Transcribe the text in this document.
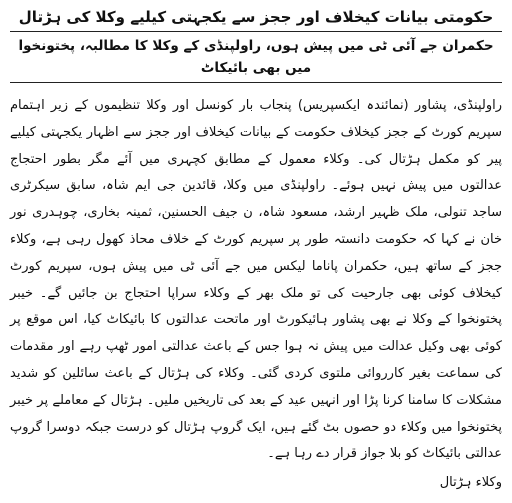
حکومتی بیانات کیخلاف اور ججز سے یکجہتی کیلیے وکلا کی ہڑتال
حکمران جے آئی ٹی میں پیش ہوں، راولپنڈی کے وکلا کا مطالبہ، پختونخوا میں بھی بائیکاٹ

راولپنڈی، پشاور (نمائندہ ایکسپریس) پنجاب بار کونسل اور وکلا تنظیموں کے زیر اہتمام سپریم کورٹ کے ججز کیخلاف حکومت کے بیانات کیخلاف اور ججز سے اظہار یکجہتی کیلیے پیر کو مکمل ہڑتال کی۔ وکلاء معمول کے مطابق کچہری میں آئے مگر بطور احتجاج عدالتوں میں پیش نہیں ہوئے۔ راولپنڈی میں وکلا، قائدین جی ایم شاہ، سابق سیکرٹری ساجد تنولی، ملک ظہیر ارشد، مسعود شاہ، ن جیف الحسنین، ثمینہ بخاری، چوہدری نور خان نے کہا کہ حکومت دانستہ طور پر سپریم کورٹ کے خلاف محاذ کھول رہی ہے، وکلاء ججز کے ساتھ ہیں، حکمران پاناما لیکس میں جے آئی ٹی میں پیش ہوں، سپریم کورٹ کیخلاف کوئی بھی جارحیت کی تو ملک بھر کے وکلاء سراپا احتجاج بن جائیں گے۔ خیبر پختونخوا کے وکلا نے بھی پشاور ہائیکورٹ اور ماتحت عدالتوں کا بائیکاٹ کیا، اس موقع پر کوئی بھی وکیل عدالت میں پیش نہ ہوا جس کے باعث عدالتی امور ٹھپ رہے اور مقدمات کی سماعت بغیر کارروائی ملتوی کردی گئی۔ وکلاء کی ہڑتال کے باعث سائلین کو شدید مشکلات کا سامنا کرنا پڑا اور انہیں عید کے بعد کی تاریخیں ملیں۔ ہڑتال کے معاملے پر خیبر پختونخوا میں وکلاء دو حصوں بٹ گئے ہیں، ایک گروپ ہڑتال کو درست جبکہ دوسرا گروپ عدالتی بائیکاٹ کو بلا جواز قرار دے رہا ہے۔

وکلاء ہڑتال
